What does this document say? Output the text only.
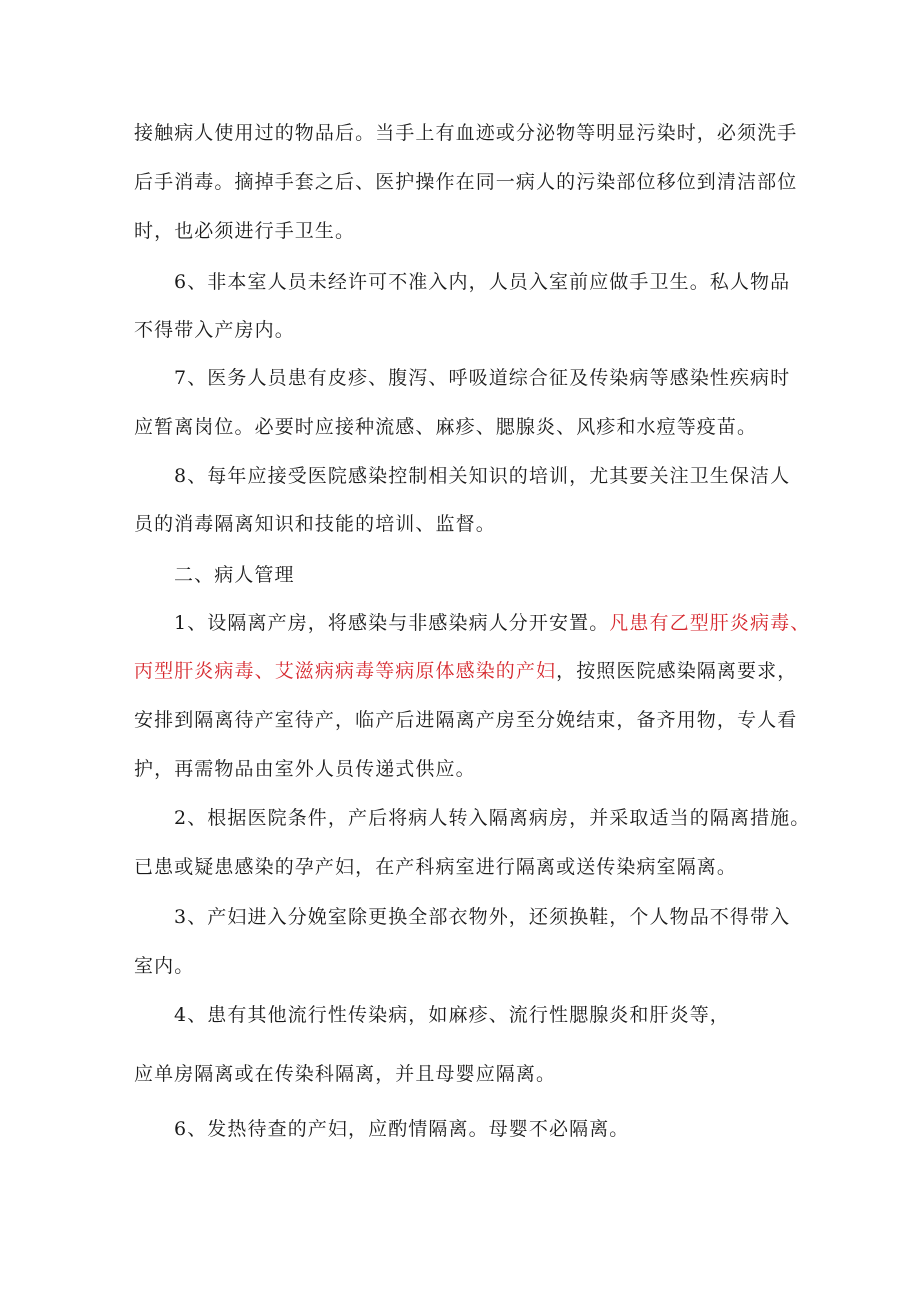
接触病人使用过的物品后。当手上有血迹或分泌物等明显污染时，必须洗手
后手消毒。摘掉手套之后、医护操作在同一病人的污染部位移位到清洁部位
时，也必须进行手卫生。
6、非本室人员未经许可不准入内，人员入室前应做手卫生。私人物品
不得带入产房内。
7、医务人员患有皮疹、腹泻、呼吸道综合征及传染病等感染性疾病时
应暂离岗位。必要时应接种流感、麻疹、腮腺炎、风疹和水痘等疫苗。
8、每年应接受医院感染控制相关知识的培训，尤其要关注卫生保洁人
员的消毒隔离知识和技能的培训、监督。
二、病人管理
1、设隔离产房，将感染与非感染病人分开安置。凡患有乙型肝炎病毒、
丙型肝炎病毒、艾滋病病毒等病原体感染的产妇，按照医院感染隔离要求，
安排到隔离待产室待产，临产后进隔离产房至分娩结束，备齐用物，专人看
护，再需物品由室外人员传递式供应。
2、根据医院条件，产后将病人转入隔离病房，并采取适当的隔离措施。
已患或疑患感染的孕产妇，在产科病室进行隔离或送传染病室隔离。
3、产妇进入分娩室除更换全部衣物外，还须换鞋，个人物品不得带入
室内。
4、患有其他流行性传染病，如麻疹、流行性腮腺炎和肝炎等，
应单房隔离或在传染科隔离，并且母婴应隔离。
6、发热待查的产妇，应酌情隔离。母婴不必隔离。
